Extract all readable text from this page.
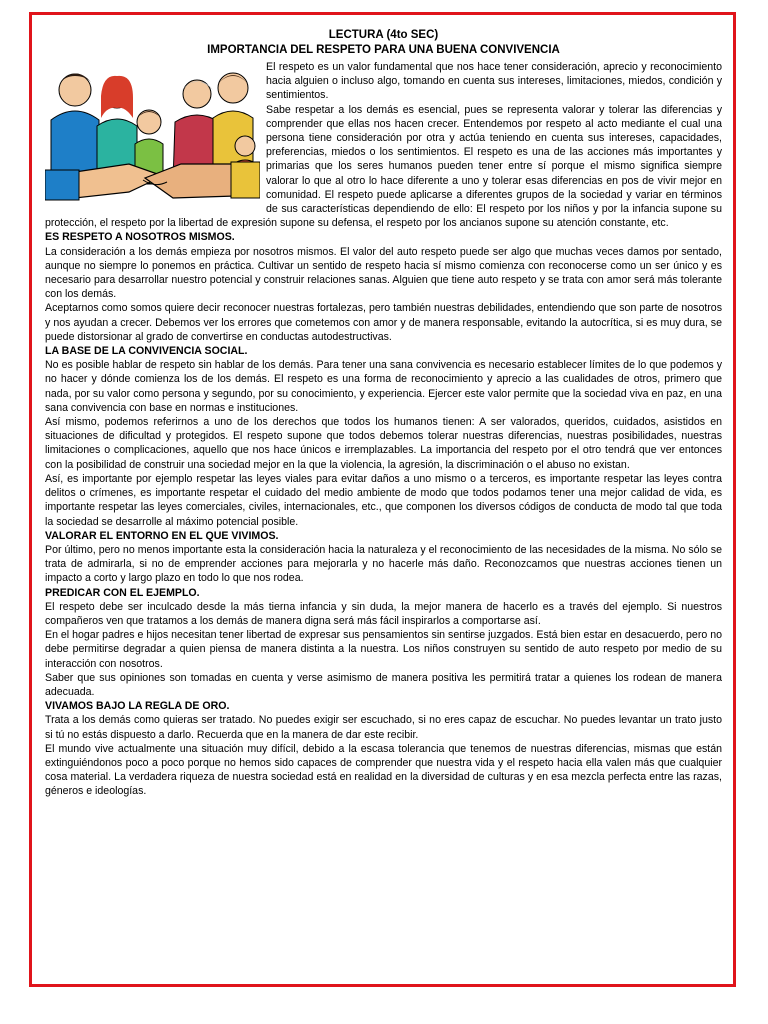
LECTURA (4to SEC)
IMPORTANCIA DEL RESPETO PARA UNA BUENA CONVIVENCIA

El respeto es un valor fundamental que nos hace tener consideración, aprecio y reconocimiento hacia alguien o incluso algo, tomando en cuenta sus intereses, limitaciones, miedos, condición y sentimientos.

Sabe respetar a los demás es esencial, pues se representa valorar y tolerar las diferencias y comprender que ellas nos hacen crecer. Entendemos por respeto al acto mediante el cual una persona tiene consideración por otra y actúa teniendo en cuenta sus intereses, capacidades, preferencias, miedos o los sentimientos. El respeto es una de las acciones más importantes y primarias que los seres humanos pueden tener entre sí porque el mismo significa siempre valorar lo que al otro lo hace diferente a uno y tolerar esas diferencias en pos de vivir mejor en comunidad. El respeto puede aplicarse a diferentes grupos de la sociedad y variar en términos de sus características dependiendo de ello: El respeto por los niños y por la infancia supone su protección, el respeto por la libertad de expresión supone su defensa, el respeto por los ancianos supone su atención constante, etc.

ES RESPETO A NOSOTROS MISMOS.

La consideración a los demás empieza por nosotros mismos. El valor del auto respeto puede ser algo que muchas veces damos por sentado, aunque no siempre lo ponemos en práctica. Cultivar un sentido de respeto hacia sí mismo comienza con reconocerse como un ser único y es necesario para desarrollar nuestro potencial y construir relaciones sanas. Alguien que tiene auto respeto y se trata con amor será más tolerante con los demás.

Aceptarnos como somos quiere decir reconocer nuestras fortalezas, pero también nuestras debilidades, entendiendo que son parte de nosotros y nos ayudan a crecer. Debemos ver los errores que cometemos con amor y de manera responsable, evitando la autocrítica, si es muy dura, se puede distorsionar al grado de convertirse en conductas autodestructivas.

LA BASE DE LA CONVIVENCIA SOCIAL.

No es posible hablar de respeto sin hablar de los demás. Para tener una sana convivencia es necesario establecer límites de lo que podemos y no hacer y dónde comienza los de los demás. El respeto es una forma de reconocimiento y aprecio a las cualidades de otros, primero que nada, por su valor como persona y segundo, por su conocimiento, y experiencia. Ejercer este valor permite que la sociedad viva en paz, en una sana convivencia con base en normas e instituciones.

Así mismo, podemos referirnos a uno de los derechos que todos los humanos tienen: A ser valorados, queridos, cuidados, asistidos en situaciones de dificultad y protegidos. El respeto supone que todos debemos tolerar nuestras diferencias, nuestras posibilidades, nuestras limitaciones o complicaciones, aquello que nos hace únicos e irremplazables. La importancia del respeto por el otro tendrá que ver entonces con la posibilidad de construir una sociedad mejor en la que la violencia, la agresión, la discriminación o el abuso no existan.

Así, es importante por ejemplo respetar las leyes viales para evitar daños a uno mismo o a terceros, es importante respetar las leyes contra delitos o crímenes, es importante respetar el cuidado del medio ambiente de modo que todos podamos tener una mejor calidad de vida, es importante respetar las leyes comerciales, civiles, internacionales, etc., que componen los diversos códigos de conducta de modo tal que toda la sociedad se desarrolle al máximo potencial posible.

VALORAR EL ENTORNO EN EL QUE VIVIMOS.

Por último, pero no menos importante esta la consideración hacia la naturaleza y el reconocimiento de las necesidades de la misma. No sólo se trata de admirarla, si no de emprender acciones para mejorarla y no hacerle más daño. Reconozcamos que nuestras acciones tienen un impacto a corto y largo plazo en todo lo que nos rodea.

PREDICAR CON EL EJEMPLO.

El respeto debe ser inculcado desde la más tierna infancia y sin duda, la mejor manera de hacerlo es a través del ejemplo. Si nuestros compañeros ven que tratamos a los demás de manera digna será más fácil inspirarlos a comportarse así.

En el hogar padres e hijos necesitan tener libertad de expresar sus pensamientos sin sentirse juzgados. Está bien estar en desacuerdo, pero no debe permitirse degradar a quien piensa de manera distinta a la nuestra. Los niños construyen su sentido de auto respeto por medio de su interacción con nosotros.

Saber que sus opiniones son tomadas en cuenta y verse asimismo de manera positiva les permitirá tratar a quienes los rodean de manera adecuada.

VIVAMOS BAJO LA REGLA DE ORO.

Trata a los demás como quieras ser tratado. No puedes exigir ser escuchado, si no eres capaz de escuchar. No puedes levantar un trato justo si tú no estás dispuesto a darlo. Recuerda que en la manera de dar este recibir.

El mundo vive actualmente una situación muy difícil, debido a la escasa tolerancia que tenemos de nuestras diferencias, mismas que están extinguiéndonos poco a poco porque no hemos sido capaces de comprender que nuestra vida y el respeto hacia ella valen más que cualquier cosa material. La verdadera riqueza de nuestra sociedad está en realidad en la diversidad de culturas y en esa mezcla perfecta entre las razas, géneros e ideologías.
